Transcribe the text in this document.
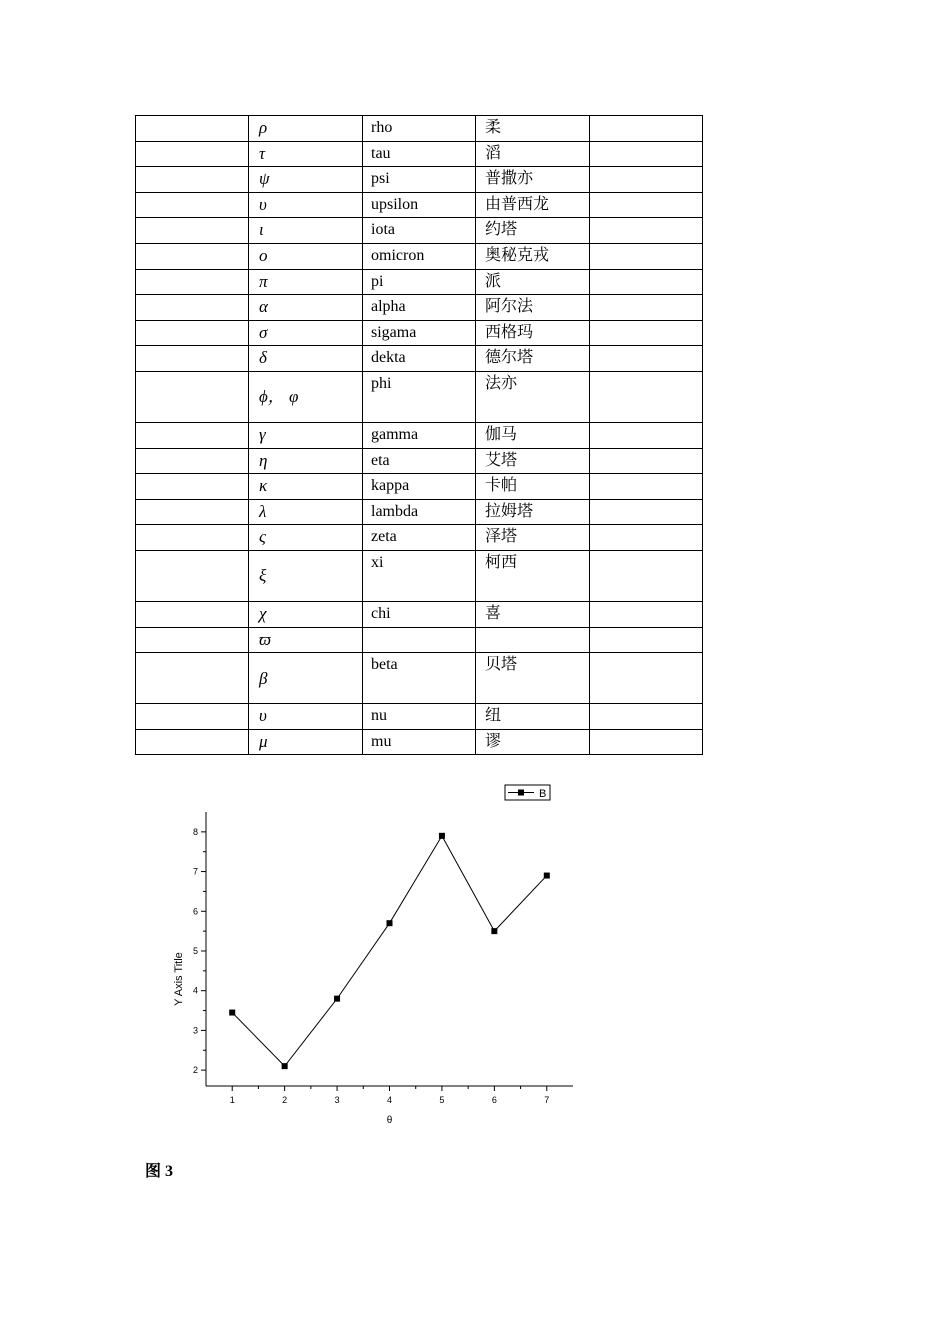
	ρ	rho	柔	
	τ	tau	滔	
	ψ	psi	普撒亦	
	υ	upsilon	由普西龙	
	ι	iota	约塔	
	ο	omicron	奥秘克戎	
	π	pi	派	
	α	alpha	阿尔法	
	σ	sigama	西格玛	
	δ	dekta	德尔塔	
	ϕ， φ	phi	法亦	
	γ	gamma	伽马	
	η	eta	艾塔	
	κ	kappa	卡帕	
	λ	lambda	拉姆塔	
	ς	zeta	泽塔	
	ξ	xi	柯西	
	χ	chi	喜	
	ϖ			
	β	beta	贝塔	
	υ	nu	纽	
	μ	mu	谬	
1	2	3	4	5	6	7
2
3
4
5
6
7
8
θ
Y Axis Title
B
图 3
